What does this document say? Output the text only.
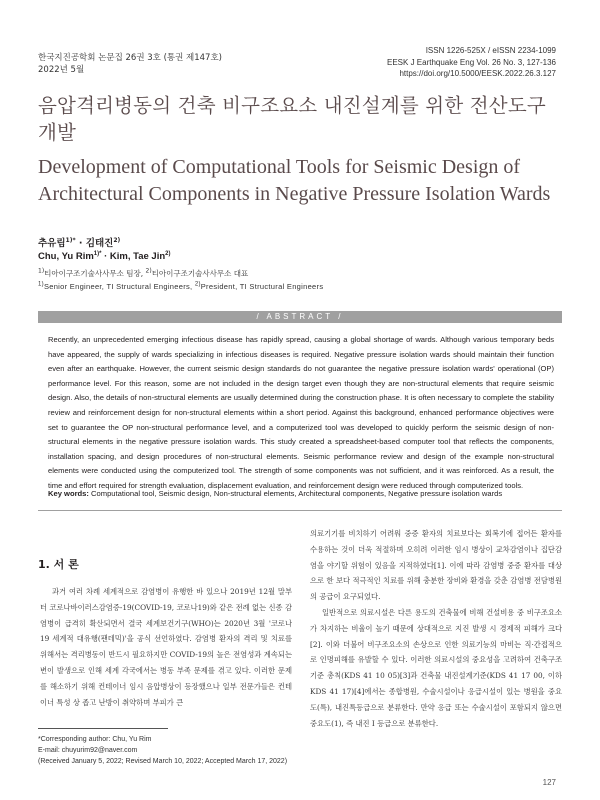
한국지진공학회 논문집 26권 3호 (통권 제147호)
2022년 5월
ISSN 1226-525X / eISSN 2234-1099
EESK J Earthquake Eng Vol. 26 No. 3, 127-136
https://doi.org/10.5000/EESK.2022.26.3.127
음압격리병동의 건축 비구조요소 내진설계를 위한 전산도구 개발
Development of Computational Tools for Seismic Design of Architectural Components in Negative Pressure Isolation Wards
추유림$^{1)*}$ · 김태진$^{2)}$
Chu, Yu Rim$^{1)*}$ · Kim, Tae Jin$^{2)}$
$^{1)}$티아이구조기술사사무소 팀장, $^{2)}$티아이구조기술사사무소 대표
$^{1)}$Senior Engineer, TI Structural Engineers, $^{2)}$President, TI Structural Engineers
/ ABSTRACT /
Recently, an unprecedented emerging infectious disease has rapidly spread, causing a global shortage of wards. Although various temporary beds have appeared, the supply of wards specializing in infectious diseases is required. Negative pressure isolation wards should maintain their function even after an earthquake. However, the current seismic design standards do not guarantee the negative pressure isolation wards' operational (OP) performance level. For this reason, some are not included in the design target even though they are non-structural elements that require seismic design. Also, the details of non-structural elements are usually determined during the construction phase. It is often necessary to complete the stability review and reinforcement design for non-structural elements within a short period. Against this background, enhanced performance objectives were set to guarantee the OP non-structural performance level, and a computerized tool was developed to quickly perform the seismic design of non-structural elements in the negative pressure isolation wards. This study created a spreadsheet-based computer tool that reflects the components, installation spacing, and design procedures of non-structural elements. Seismic performance review and design of the example non-structural elements were conducted using the computerized tool. The strength of some components was not sufficient, and it was reinforced. As a result, the time and effort required for strength evaluation, displacement evaluation, and reinforcement design were reduced through computerized tools.
Key words: Computational tool, Seismic design, Non-structural elements, Architectural components, Negative pressure isolation wards
1. 서 론

과거 여러 차례 세계적으로 감염병이 유행한 바 있으나 2019년 12월 말부터 코로나바이러스감염증-19(COVID-19, 코로나19)와 같은 전례 없는 신종 감염병이 급격히 확산되면서 결국 세계보건기구(WHO)는 2020년 3월 '코로나 19 세계적 대유행(팬데믹)'을 공식 선언하였다. 감염병 환자의 격리 및 치료를 위해서는 격리병동이 반드시 필요하지만 COVID-19의 높은 전염성과 계속되는 변이 발생으로 인해 세계 각국에서는 병동 부족 문제를 겪고 있다. 이러한 문제를 해소하기 위해 컨테이너 임시 음압병상이 등장했으나 일부 전문가들은 컨테이너 특성 상 좁고 난방이 취약하며 부피가 큰

의료기기를 비치하기 어려워 중증 환자의 치료보다는 회복기에 접어든 환자를 수용하는 것이 더욱 적절하며 오히려 이러한 임시 병상이 교차감염이나 집단감염을 야기할 위험이 있음을 지적하였다[1]. 이에 따라 감염병 중증 환자를 대상으로 한 보다 적극적인 치료를 위해 충분한 장비와 환경을 갖춘 감염병 전담병원의 공급이 요구되었다.

일반적으로 의료시설은 다른 용도의 건축물에 비해 건설비용 중 비구조요소가 차지하는 비율이 높기 때문에 상대적으로 지진 발생 시 경제적 피해가 크다[2]. 이와 더불어 비구조요소의 손상으로 인한 의료기능의 마비는 직·간접적으로 인명피해를 유발할 수 있다. 이러한 의료시설의 중요성을 고려하여 건축구조기준 총칙(KDS 41 10 05)[3]과 건축물 내진설계기준(KDS 41 17 00, 이하 KDS 41 17)[4]에서는 종합병원, 수술시설이나 응급시설이 있는 병원을 중요도(특), 내진특등급으로 분류한다. 만약 응급 또는 수술시설이 포함되지 않으면 중요도(1), 즉 내진 I 등급으로 분류한다.

*Corresponding author: Chu, Yu Rim
E-mail: chuyurim92@naver.com
(Received January 5, 2022; Revised March 10, 2022; Accepted March 17, 2022)
127
